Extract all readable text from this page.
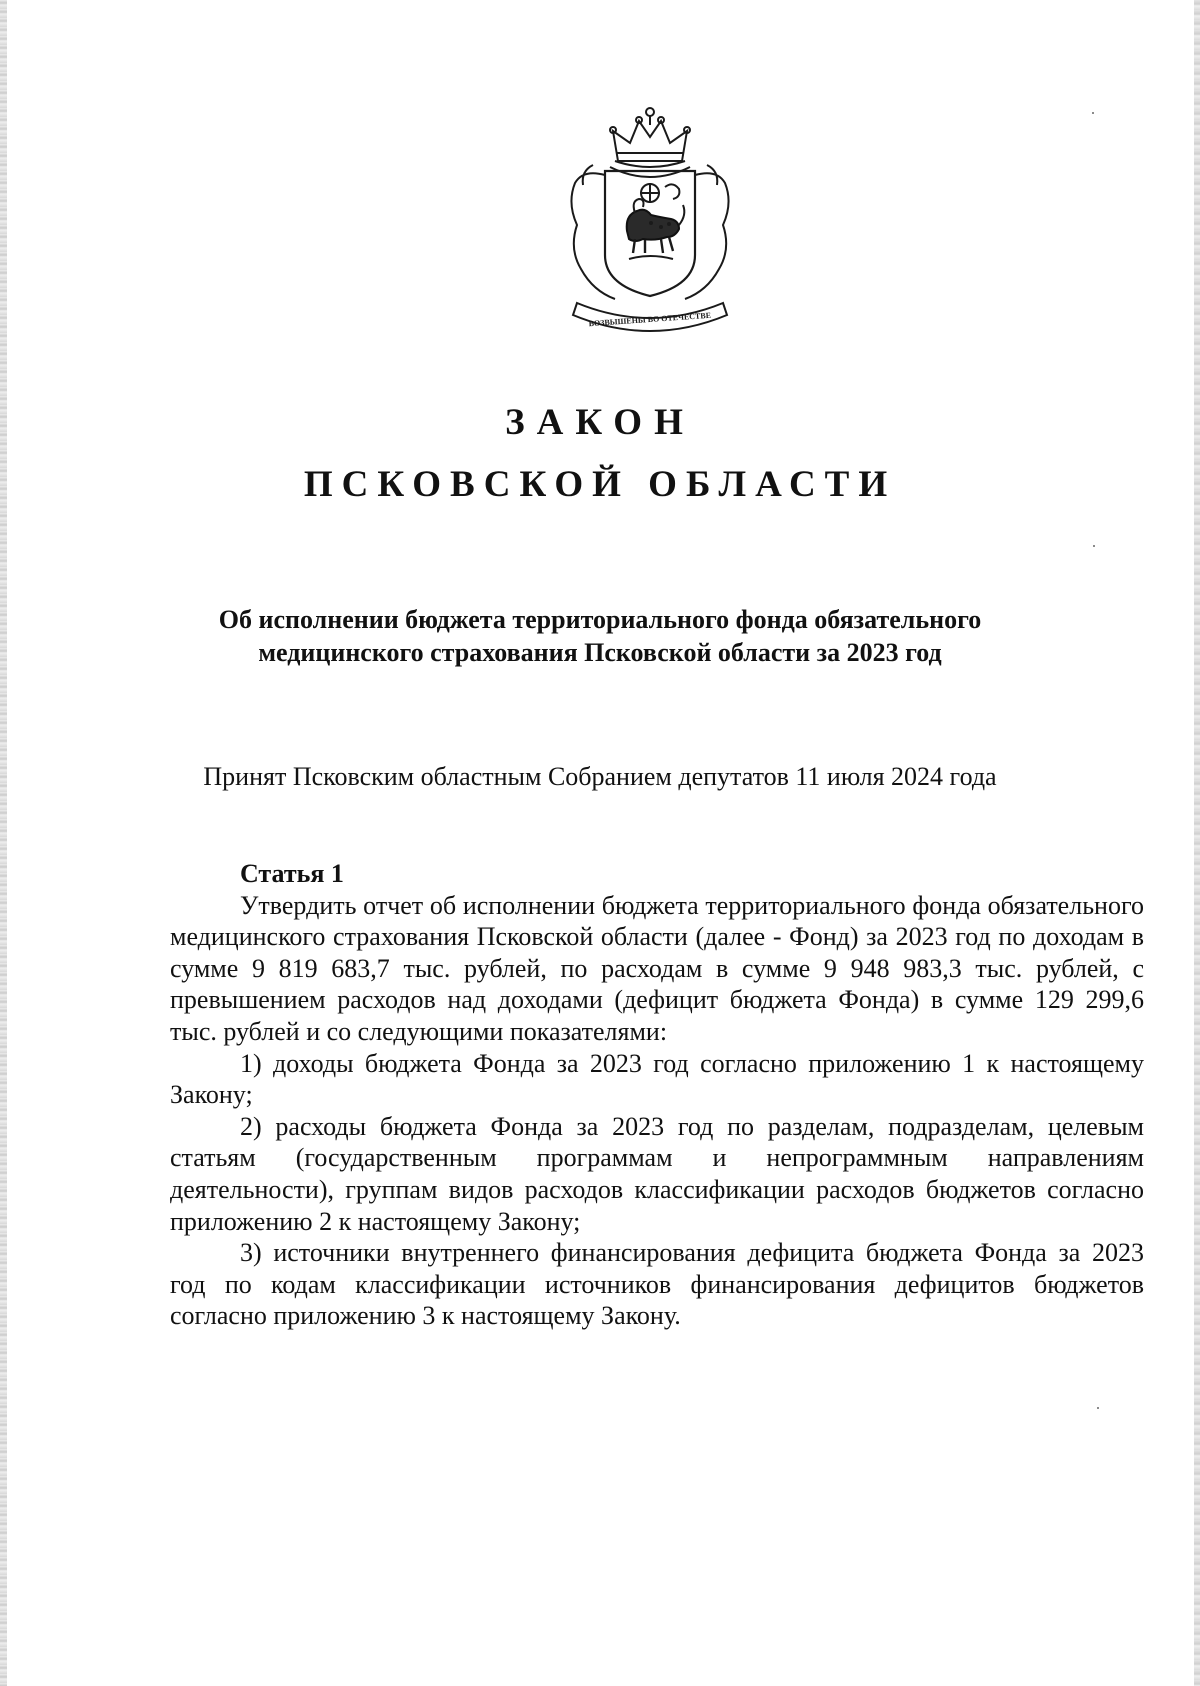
ВОЗВЫШЕНЫ ВО ОТЕЧЕСТВЕ
ЗАКОН
ПСКОВСКОЙ ОБЛАСТИ
Об исполнении бюджета территориального фонда обязательного
медицинского страхования Псковской области за 2023 год
Принят Псковским областным Собранием депутатов 11 июля 2024 года
Статья 1

Утвердить отчет об исполнении бюджета территориального фонда обязательного медицинского страхования Псковской области (далее - Фонд) за 2023 год по доходам в сумме 9 819 683,7 тыс. рублей, по расходам в сумме 9 948 983,3 тыс. рублей, с превышением расходов над доходами (дефицит бюджета Фонда) в сумме 129 299,6 тыс. рублей и со следующими показателями:

1) доходы бюджета Фонда за 2023 год согласно приложению 1 к настоящему Закону;

2) расходы бюджета Фонда за 2023 год по разделам, подразделам, целевым статьям (государственным программам и непрограммным направлениям деятельности), группам видов расходов классификации расходов бюджетов согласно приложению 2 к настоящему Закону;

3) источники внутреннего финансирования дефицита бюджета Фонда за 2023 год по кодам классификации источников финансирования дефицитов бюджетов согласно приложению 3 к настоящему Закону.
